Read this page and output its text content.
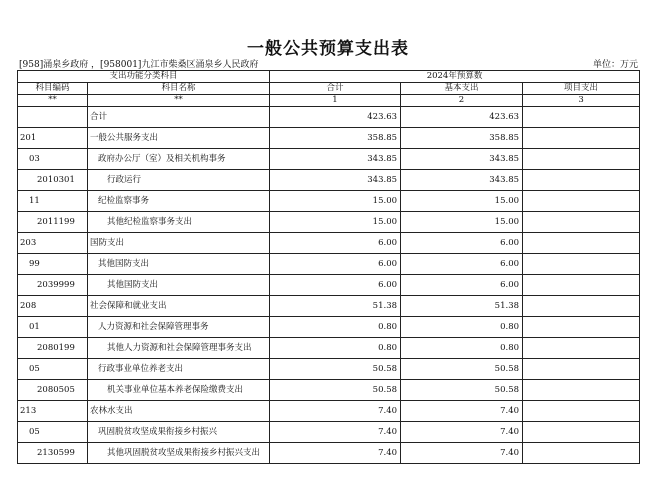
一般公共预算支出表
[958]涌泉乡政府 ，[958001]九江市柴桑区涌泉乡人民政府	单位：万元
支出功能分类科目		2024年预算数		
科目编码	科目名称	合计	基本支出	项目支出
**	**	1	2	3
	合计	423.63	423.63	
201	一般公共服务支出	358.85	358.85	
03	政府办公厅（室）及相关机构事务	343.85	343.85	
2010301	行政运行	343.85	343.85	
11	纪检监察事务	15.00	15.00	
2011199	其他纪检监察事务支出	15.00	15.00	
203	国防支出	6.00	6.00	
99	其他国防支出	6.00	6.00	
2039999	其他国防支出	6.00	6.00	
208	社会保障和就业支出	51.38	51.38	
01	人力资源和社会保障管理事务	0.80	0.80	
2080199	其他人力资源和社会保障管理事务支出	0.80	0.80	
05	行政事业单位养老支出	50.58	50.58	
2080505	机关事业单位基本养老保险缴费支出	50.58	50.58	
213	农林水支出	7.40	7.40	
05	巩固脱贫攻坚成果衔接乡村振兴	7.40	7.40	
2130599	其他巩固脱贫攻坚成果衔接乡村振兴支出	7.40	7.40	
